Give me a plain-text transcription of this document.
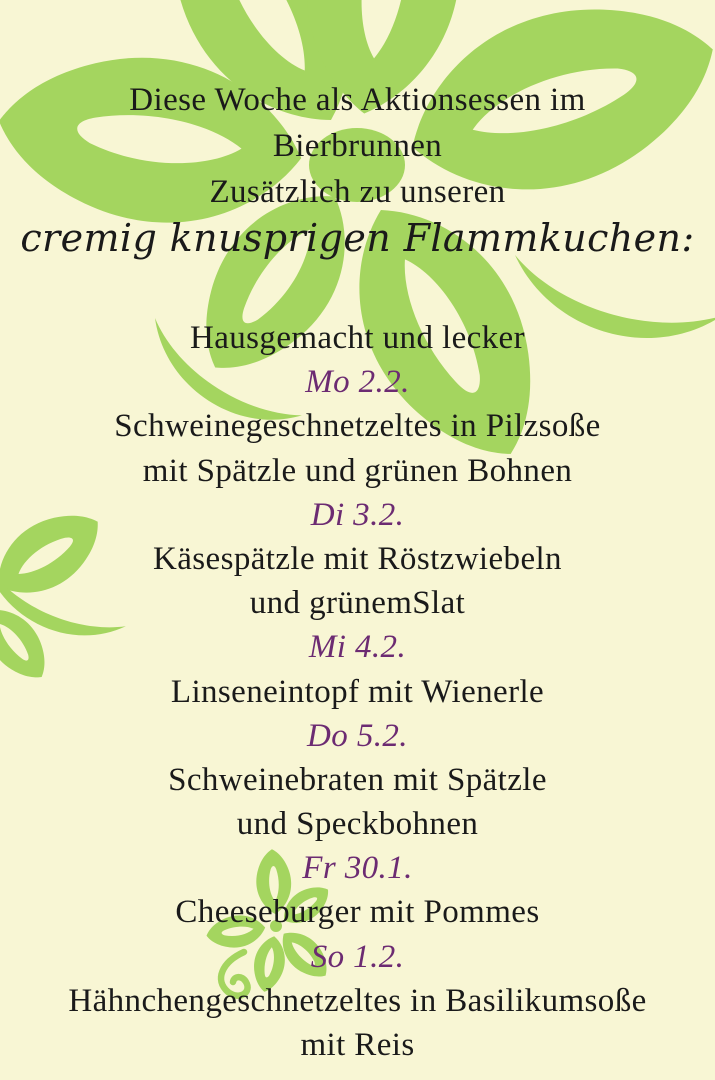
Diese Woche als Aktionsessen im
Bierbrunnen
Zusätzlich zu unseren
cremig knusprigen Flammkuchen:
Hausgemacht und lecker
Mo 2.2.
Schweinegeschnetzeltes in Pilzsoße
mit Spätzle und grünen Bohnen
Di 3.2.
Käsespätzle mit Röstzwiebeln
und grünemSlat
Mi 4.2.
Linseneintopf mit Wienerle
Do 5.2.
Schweinebraten mit Spätzle
und Speckbohnen
Fr 30.1.
Cheeseburger mit Pommes
So 1.2.
Hähnchengeschnetzeltes in Basilikumsoße
mit Reis
